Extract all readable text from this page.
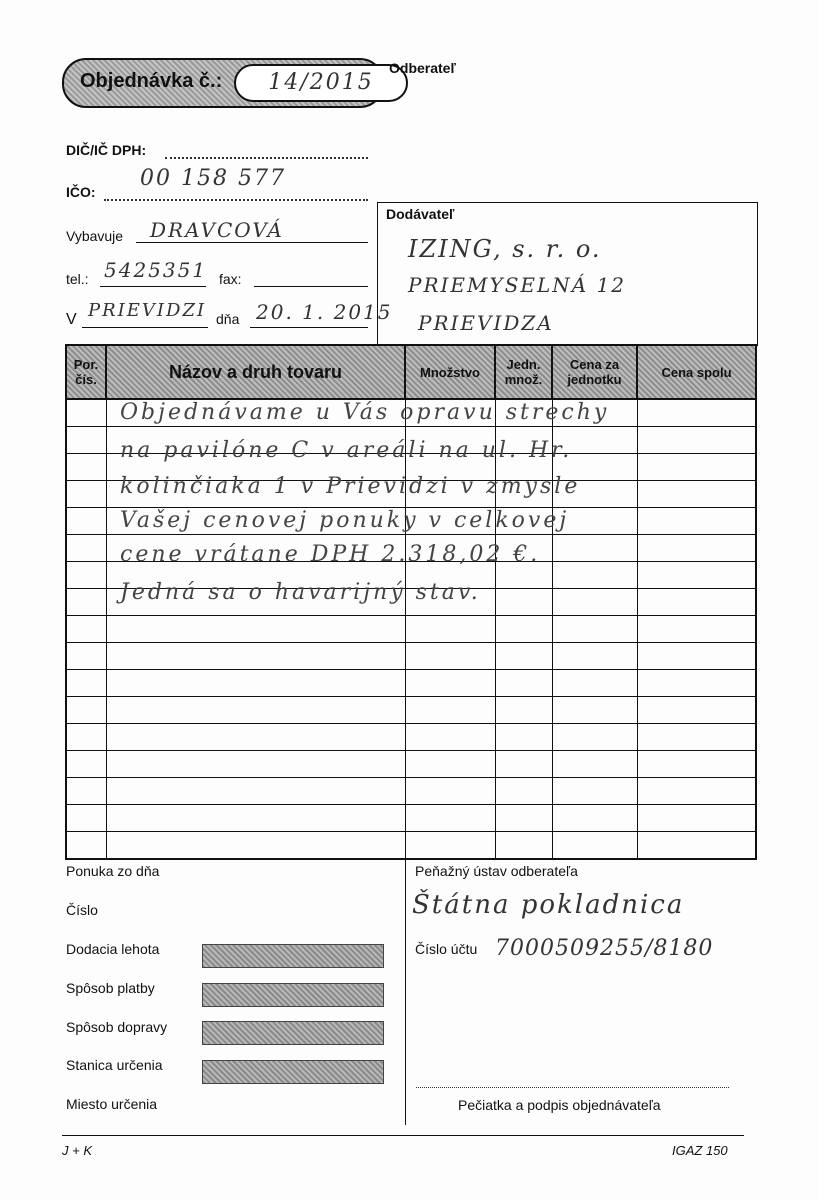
Objednávka č.:	14/2015
Odberateľ
DIČ/IČ DPH:
IČO:
00 158 577
Vybavuje DRAVCOVÁ
tel.: 5425351 fax:
V PRIEVIDZI dňa 20. 1. 2015
Dodávateľ
IZING, s. r. o.
PRIEMYSELNÁ 12
PRIEVIDZA
Por. čís.	Názov a druh tovaru	Množstvo	Jedn. množ.	Cena za jednotku	Cena spolu

Objednávame u Vás opravu strechy
na pavilóne C v areáli na ul. Hr.
kolinčiaka 1 v Prievidzi v zmysle
Vašej cenovej ponuky v celkovej
cene vrátane DPH 2.318,02 €.
Jedná sa o havarijný stav.
Ponuka zo dňa
Číslo
Dodacia lehota
Spôsob platby
Spôsob dopravy
Stanica určenia
Miesto určenia
Peňažný ústav odberateľa
Štátna pokladnica
Číslo účtu 7000509255/8180
Pečiatka a podpis objednávateľa
J + K	IGAZ 150
